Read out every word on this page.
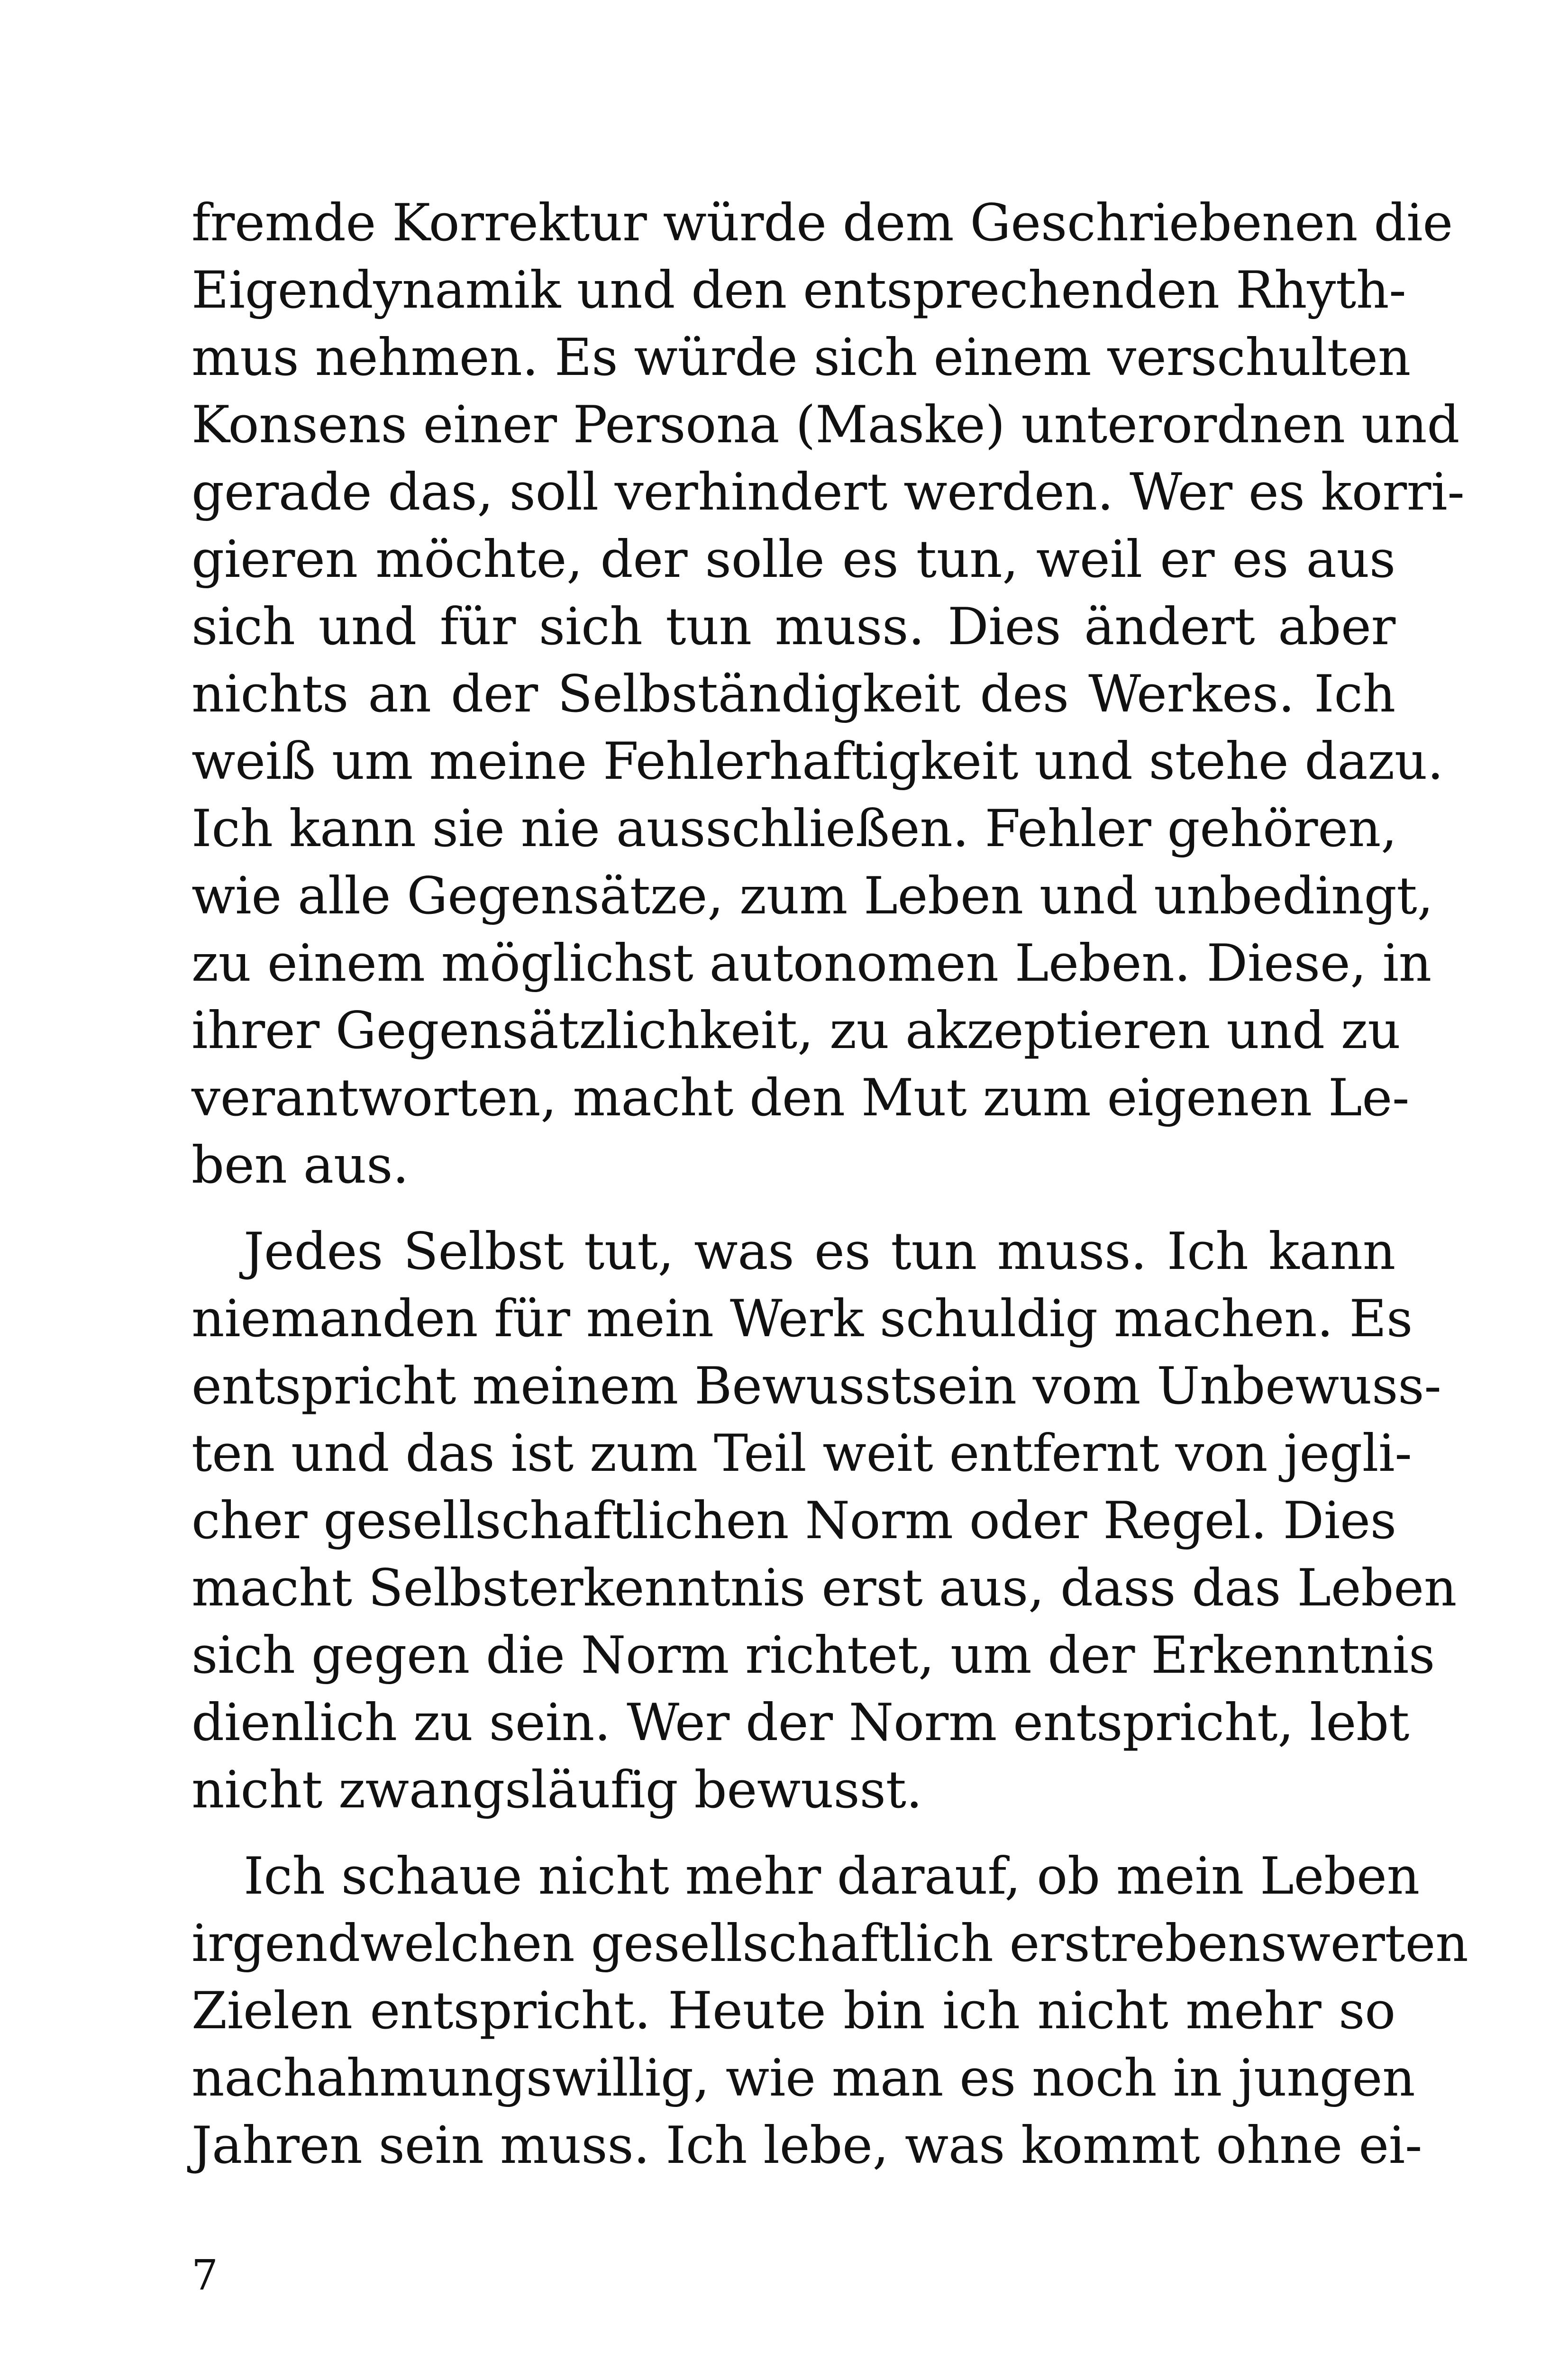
fremde Korrektur würde dem Geschriebenen die
Eigendynamik und den entsprechenden Rhyth-
mus nehmen. Es würde sich einem verschulten
Konsens einer Persona (Maske) unterordnen und
gerade das, soll verhindert werden. Wer es korri-
gieren möchte, der solle es tun, weil er es aus
sich und für sich tun muss. Dies ändert aber
nichts an der Selbständigkeit des Werkes. Ich
weiß um meine Fehlerhaftigkeit und stehe dazu.
Ich kann sie nie ausschließen. Fehler gehören,
wie alle Gegensätze, zum Leben und unbedingt,
zu einem möglichst autonomen Leben. Diese, in
ihrer Gegensätzlichkeit, zu akzeptieren und zu
verantworten, macht den Mut zum eigenen Le-
ben aus.
Jedes Selbst tut, was es tun muss. Ich kann
niemanden für mein Werk schuldig machen. Es
entspricht meinem Bewusstsein vom Unbewuss-
ten und das ist zum Teil weit entfernt von jegli-
cher gesellschaftlichen Norm oder Regel. Dies
macht Selbsterkenntnis erst aus, dass das Leben
sich gegen die Norm richtet, um der Erkenntnis
dienlich zu sein. Wer der Norm entspricht, lebt
nicht zwangsläufig bewusst.
Ich schaue nicht mehr darauf, ob mein Leben
irgendwelchen gesellschaftlich erstrebenswerten
Zielen entspricht. Heute bin ich nicht mehr so
nachahmungswillig, wie man es noch in jungen
Jahren sein muss. Ich lebe, was kommt ohne ei-
7
